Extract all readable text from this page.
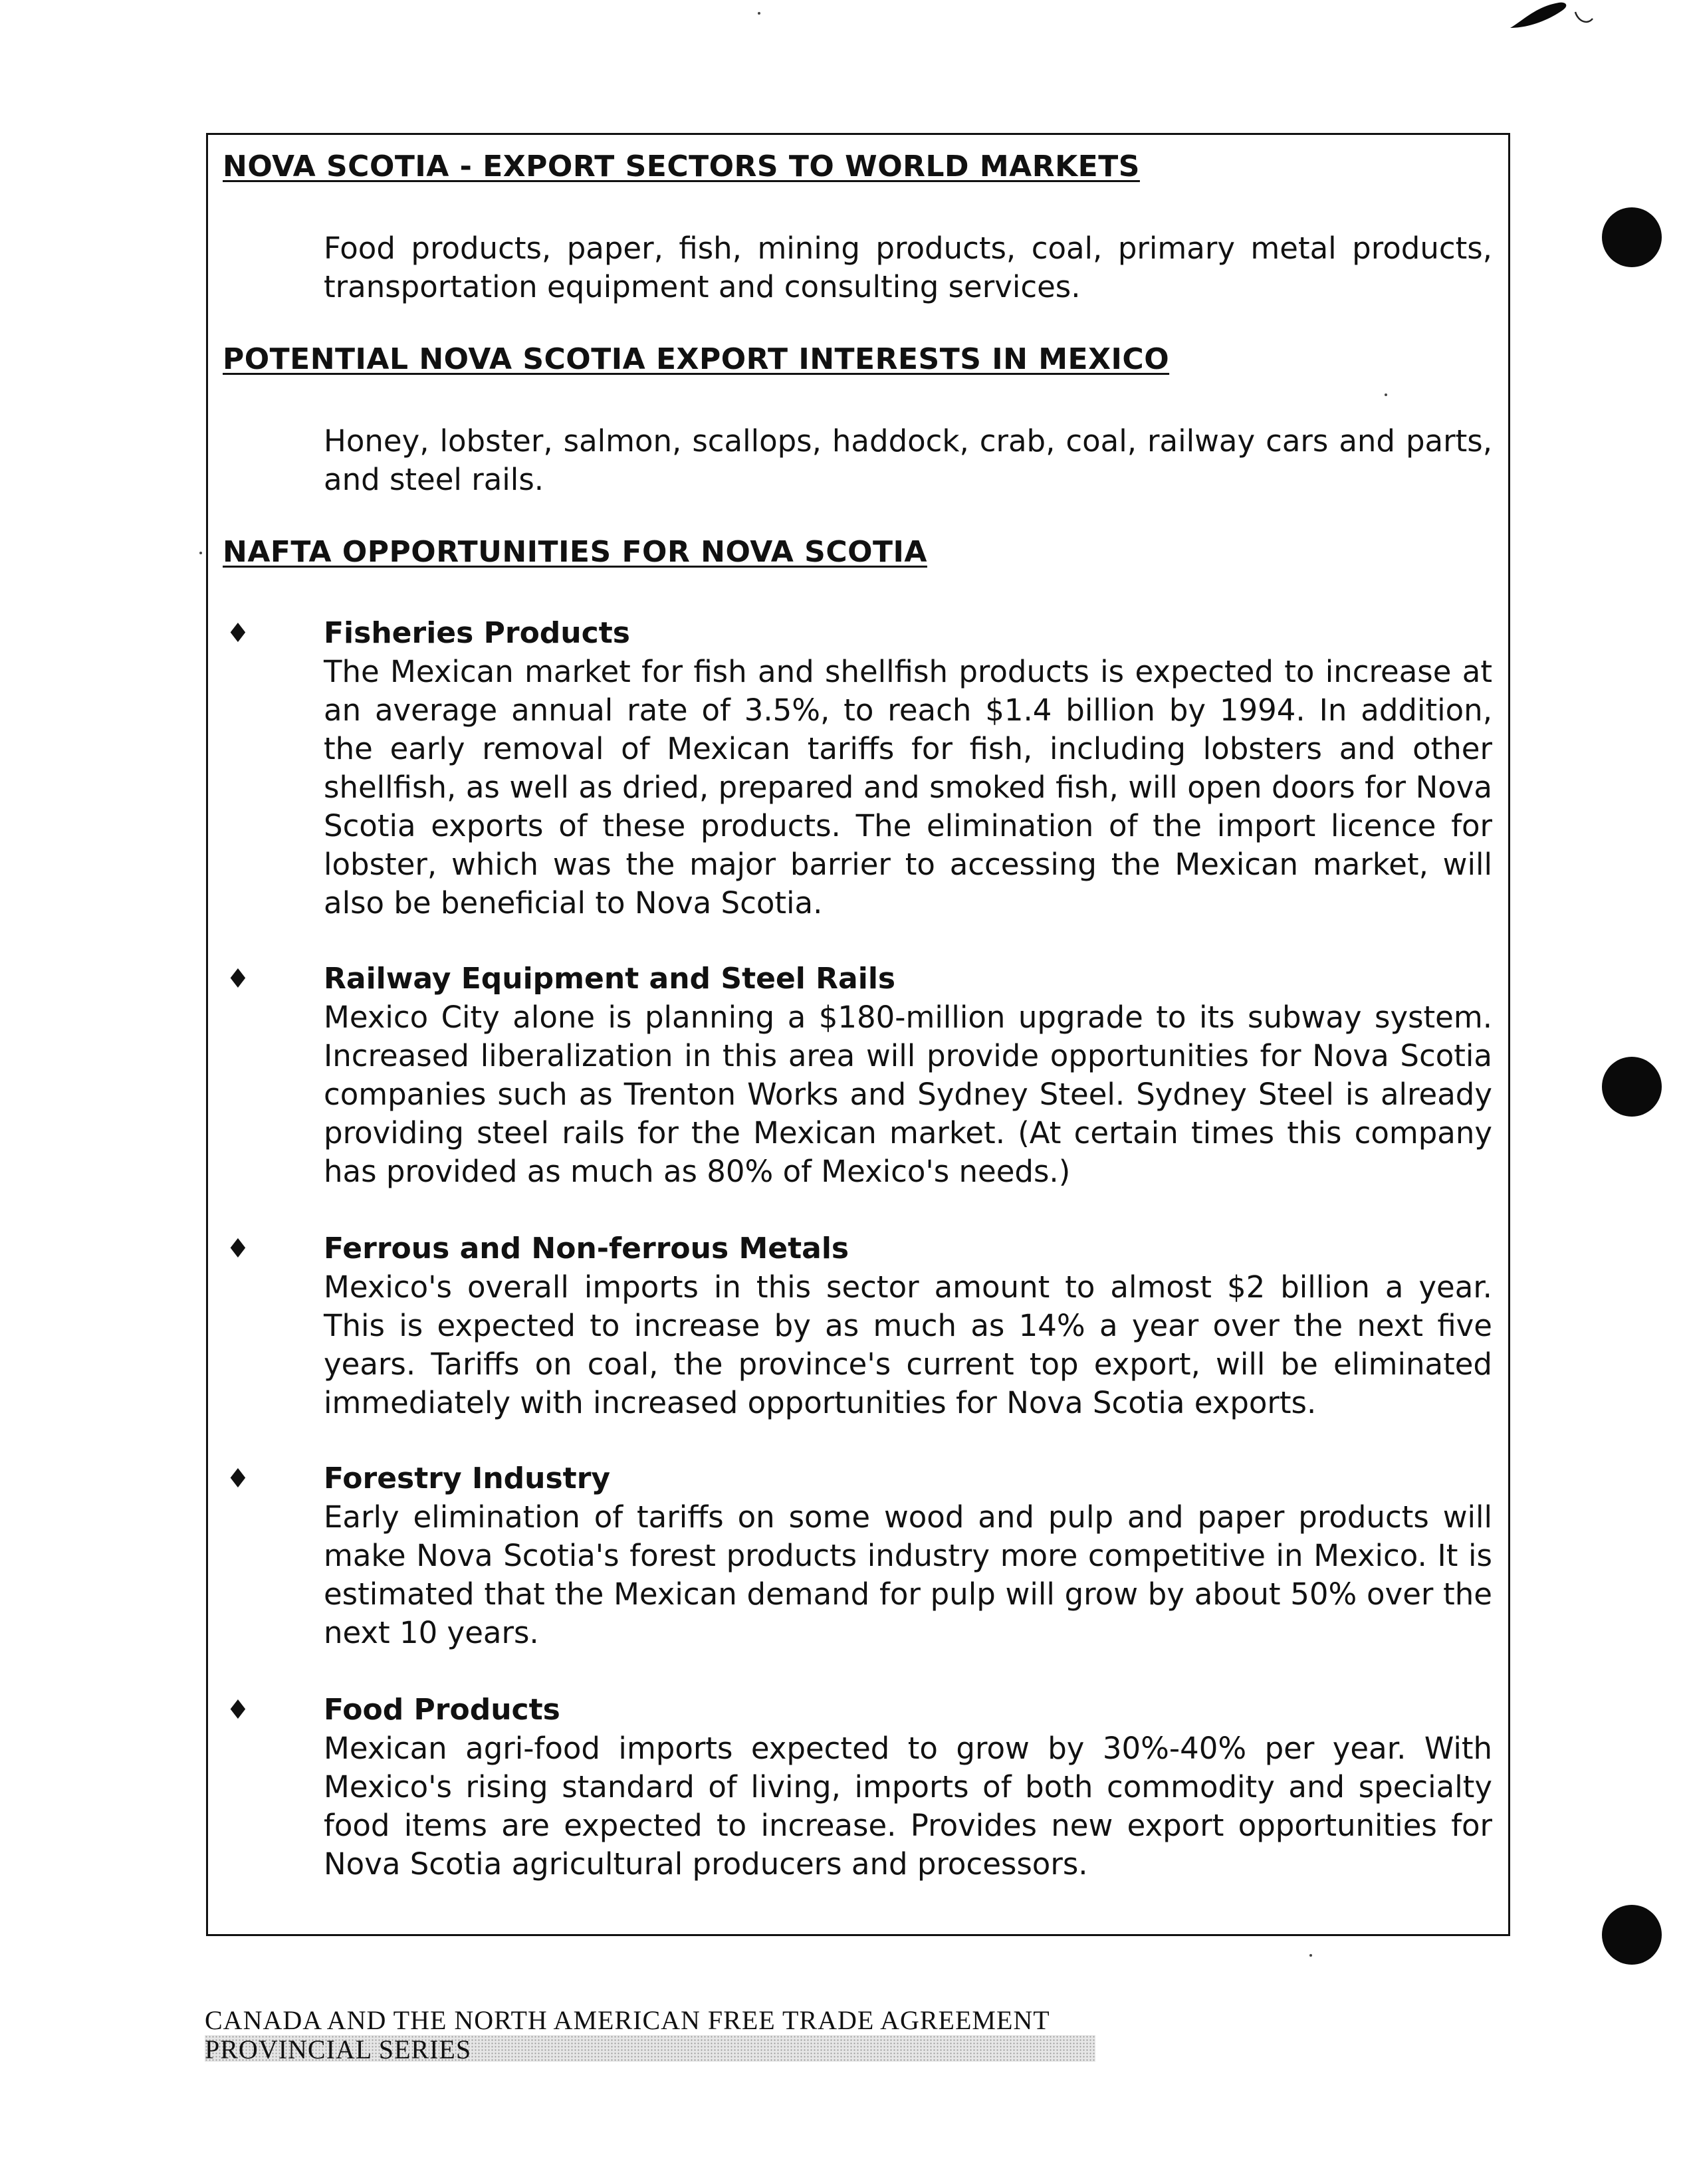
NOVA SCOTIA - EXPORT SECTORS TO WORLD MARKETS

Food products, paper, fish, mining products, coal, primary metal products, transportation equipment and consulting services.

POTENTIAL NOVA SCOTIA EXPORT INTERESTS IN MEXICO

Honey, lobster, salmon, scallops, haddock, crab, coal, railway cars and parts, and steel rails.

NAFTA OPPORTUNITIES FOR NOVA SCOTIA
♦	Fisheries Products

The Mexican market for fish and shellfish products is expected to increase at an average annual rate of 3.5%, to reach $1.4 billion by 1994. In addition, the early removal of Mexican tariffs for fish, including lobsters and other shellfish, as well as dried, prepared and smoked fish, will open doors for Nova Scotia exports of these products. The elimination of the import licence for lobster, which was the major barrier to accessing the Mexican market, will also be beneficial to Nova Scotia.

♦	Railway Equipment and Steel Rails

Mexico City alone is planning a $180-million upgrade to its subway system. Increased liberalization in this area will provide opportunities for Nova Scotia companies such as Trenton Works and Sydney Steel. Sydney Steel is already providing steel rails for the Mexican market. (At certain times this company has provided as much as 80% of Mexico's needs.)

♦	Ferrous and Non-ferrous Metals

Mexico's overall imports in this sector amount to almost $2 billion a year. This is expected to increase by as much as 14% a year over the next five years. Tariffs on coal, the province's current top export, will be eliminated immediately with increased opportunities for Nova Scotia exports.

♦	Forestry Industry

Early elimination of tariffs on some wood and pulp and paper products will make Nova Scotia's forest products industry more competitive in Mexico. It is estimated that the Mexican demand for pulp will grow by about 50% over the next 10 years.

♦	Food Products

Mexican agri-food imports expected to grow by 30%-40% per year. With Mexico's rising standard of living, imports of both commodity and specialty food items are expected to increase. Provides new export opportunities for Nova Scotia agricultural producers and processors.

CANADA AND THE NORTH AMERICAN FREE TRADE AGREEMENT

PROVINCIAL SERIES
